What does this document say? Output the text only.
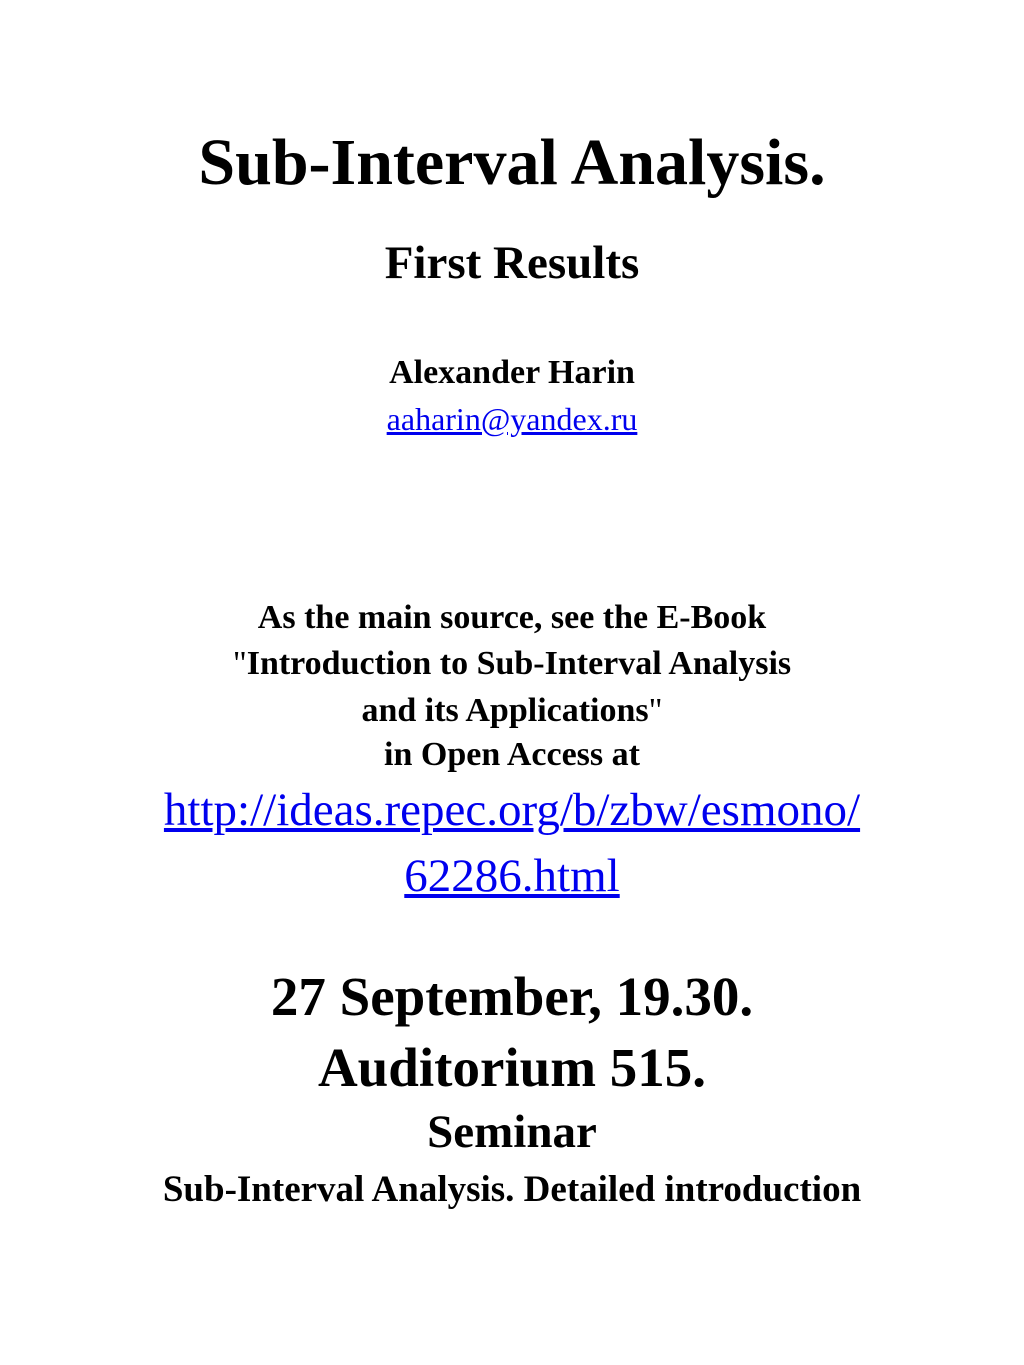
Sub-Interval Analysis.
First Results
Alexander Harin
aaharin@yandex.ru
As the main source, see the E-Book
"Introduction to Sub-Interval Analysis
and its Applications"
in Open Access at
http://ideas.repec.org/b/zbw/esmono/
62286.html
27 September, 19.30.
Auditorium 515.
Seminar
Sub-Interval Analysis. Detailed introduction
